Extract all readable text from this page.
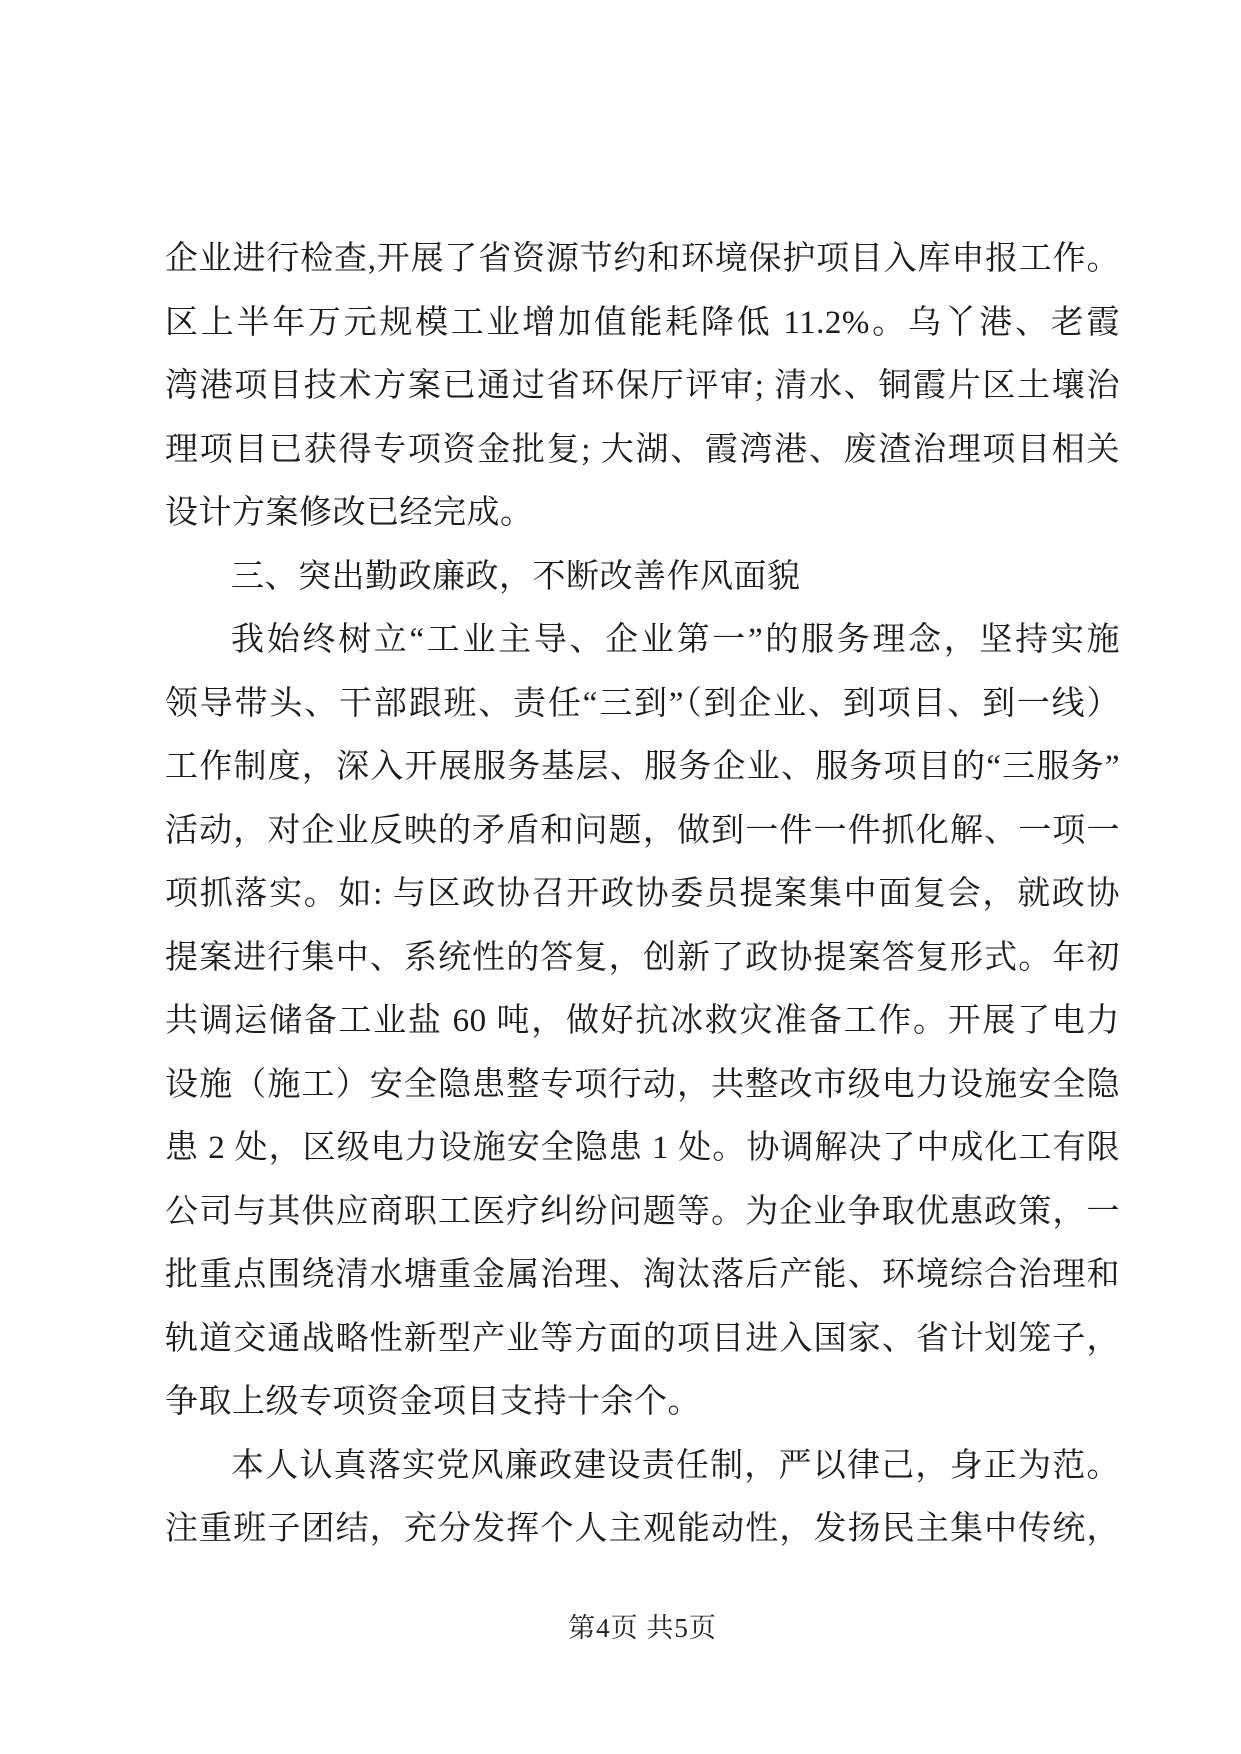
企业进行检查,开展了省资源节约和环境保护项目入库申报工作。
区上半年万元规模工业增加值能耗降低 11.2%。乌丫港、老霞
湾港项目技术方案已通过省环保厅评审; 清水、铜霞片区土壤治
理项目已获得专项资金批复; 大湖、霞湾港、废渣治理项目相关
设计方案修改已经完成。
三、突出勤政廉政，不断改善作风面貌
我始终树立“工业主导、企业第一”的服务理念，坚持实施
领导带头、干部跟班、责任“三到”（到企业、到项目、到一线）
工作制度，深入开展服务基层、服务企业、服务项目的“三服务”
活动，对企业反映的矛盾和问题，做到一件一件抓化解、一项一
项抓落实。如: 与区政协召开政协委员提案集中面复会，就政协
提案进行集中、系统性的答复，创新了政协提案答复形式。年初
共调运储备工业盐 60 吨，做好抗冰救灾准备工作。开展了电力
设施（施工）安全隐患整专项行动，共整改市级电力设施安全隐
患 2 处，区级电力设施安全隐患 1 处。协调解决了中成化工有限
公司与其供应商职工医疗纠纷问题等。为企业争取优惠政策，一
批重点围绕清水塘重金属治理、淘汰落后产能、环境综合治理和
轨道交通战略性新型产业等方面的项目进入国家、省计划笼子，
争取上级专项资金项目支持十余个。
本人认真落实党风廉政建设责任制，严以律己，身正为范。
注重班子团结，充分发挥个人主观能动性，发扬民主集中传统，
第4页 共5页
